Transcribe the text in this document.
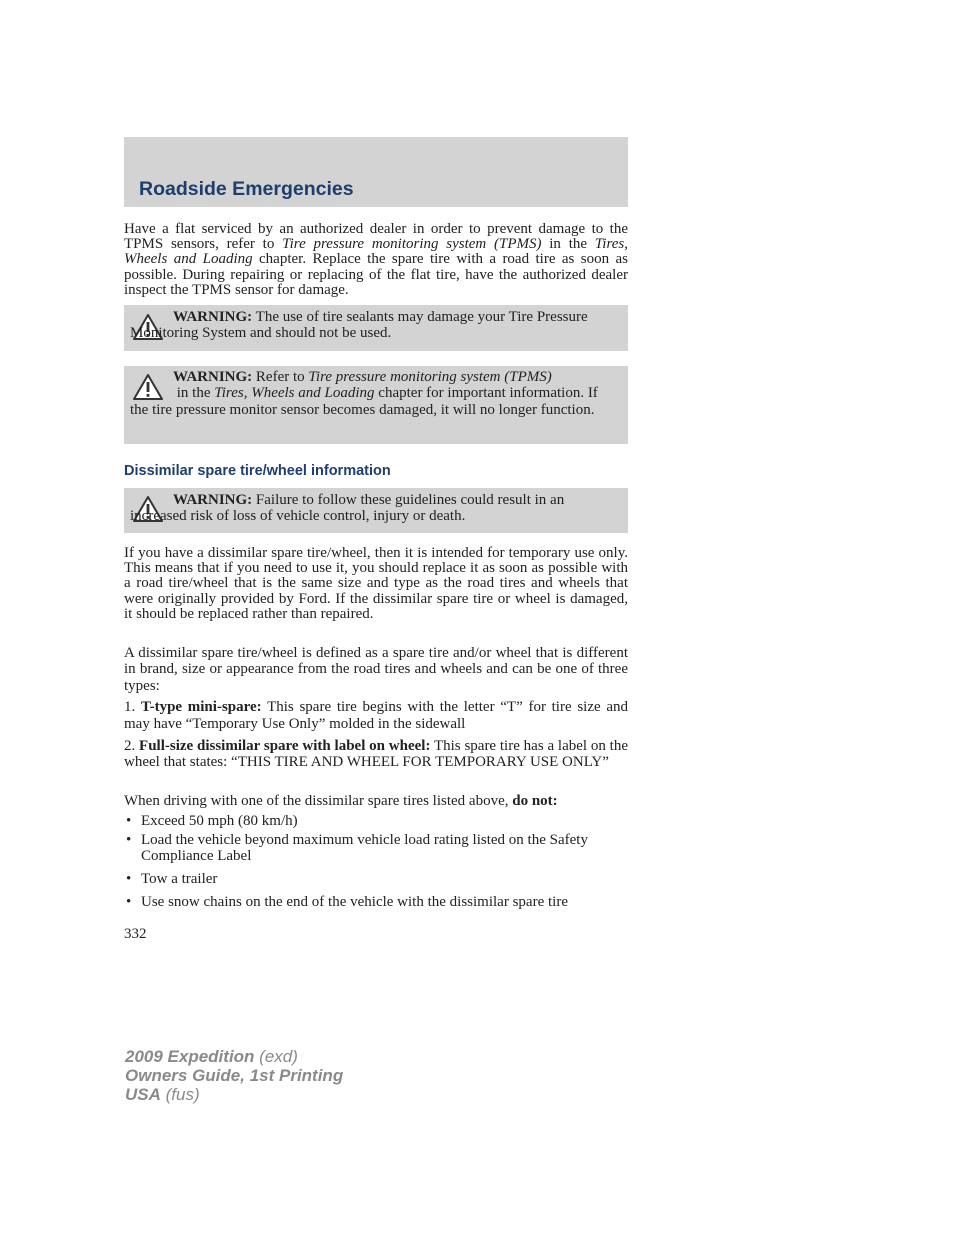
Roadside Emergencies

Have a flat serviced by an authorized dealer in order to prevent damage to the TPMS sensors, refer to Tire pressure monitoring system (TPMS) in the Tires, Wheels and Loading chapter. Replace the spare tire with a road tire as soon as possible. During repairing or replacing of the flat tire, have the authorized dealer inspect the TPMS sensor for damage.

WARNING: The use of tire sealants may damage your Tire Pressure Monitoring System and should not be used.
WARNING: Refer to Tire pressure monitoring system (TPMS)
in the Tires, Wheels and Loading chapter for important information. If the tire pressure monitor sensor becomes damaged, it will no longer function.
Dissimilar spare tire/wheel information
WARNING: Failure to follow these guidelines could result in an increased risk of loss of vehicle control, injury or death.

If you have a dissimilar spare tire/wheel, then it is intended for temporary use only. This means that if you need to use it, you should replace it as soon as possible with a road tire/wheel that is the same size and type as the road tires and wheels that were originally provided by Ford. If the dissimilar spare tire or wheel is damaged, it should be replaced rather than repaired.

A dissimilar spare tire/wheel is defined as a spare tire and/or wheel that is different in brand, size or appearance from the road tires and wheels and can be one of three types:

1. T-type mini-spare: This spare tire begins with the letter “T” for tire size and may have “Temporary Use Only” molded in the sidewall

2. Full-size dissimilar spare with label on wheel: This spare tire has a label on the wheel that states: “THIS TIRE AND WHEEL FOR TEMPORARY USE ONLY”

When driving with one of the dissimilar spare tires listed above, do not:

• Exceed 50 mph (80 km/h)
• Load the vehicle beyond maximum vehicle load rating listed on the Safety Compliance Label
• Tow a trailer
• Use snow chains on the end of the vehicle with the dissimilar spare tire
332
2009 Expedition (exd)
Owners Guide, 1st Printing
USA (fus)
